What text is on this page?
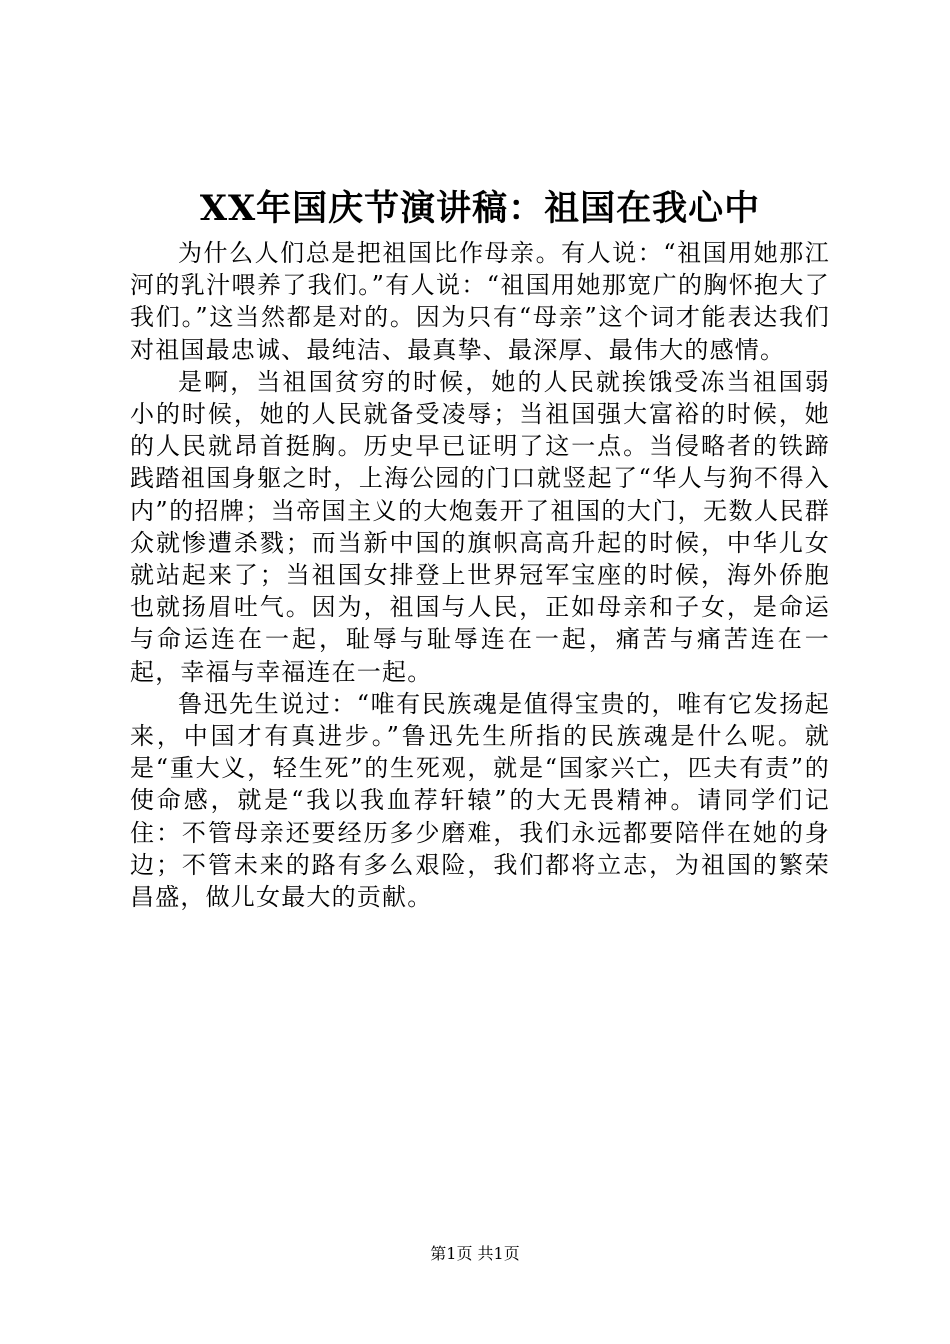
XX年国庆节演讲稿：祖国在我心中

为什么人们总是把祖国比作母亲。有人说：“祖国用她那江河的乳汁喂养了我们。”有人说：“祖国用她那宽广的胸怀抱大了我们。”这当然都是对的。因为只有“母亲”这个词才能表达我们对祖国最忠诚、最纯洁、最真挚、最深厚、最伟大的感情。

是啊，当祖国贫穷的时候，她的人民就挨饿受冻当祖国弱小的时候，她的人民就备受凌辱；当祖国强大富裕的时候，她的人民就昂首挺胸。历史早已证明了这一点。当侵略者的铁蹄践踏祖国身躯之时，上海公园的门口就竖起了“华人与狗不得入内”的招牌；当帝国主义的大炮轰开了祖国的大门，无数人民群众就惨遭杀戮；而当新中国的旗帜高高升起的时候，中华儿女就站起来了；当祖国女排登上世界冠军宝座的时候，海外侨胞也就扬眉吐气。因为，祖国与人民，正如母亲和子女，是命运与命运连在一起，耻辱与耻辱连在一起，痛苦与痛苦连在一起，幸福与幸福连在一起。

鲁迅先生说过：“唯有民族魂是值得宝贵的，唯有它发扬起来，中国才有真进步。”鲁迅先生所指的民族魂是什么呢。就是“重大义，轻生死”的生死观，就是“国家兴亡，匹夫有责”的使命感，就是“我以我血荐轩辕”的大无畏精神。请同学们记住：不管母亲还要经历多少磨难，我们永远都要陪伴在她的身边；不管未来的路有多么艰险，我们都将立志，为祖国的繁荣昌盛，做儿女最大的贡献。

第1页 共1页
